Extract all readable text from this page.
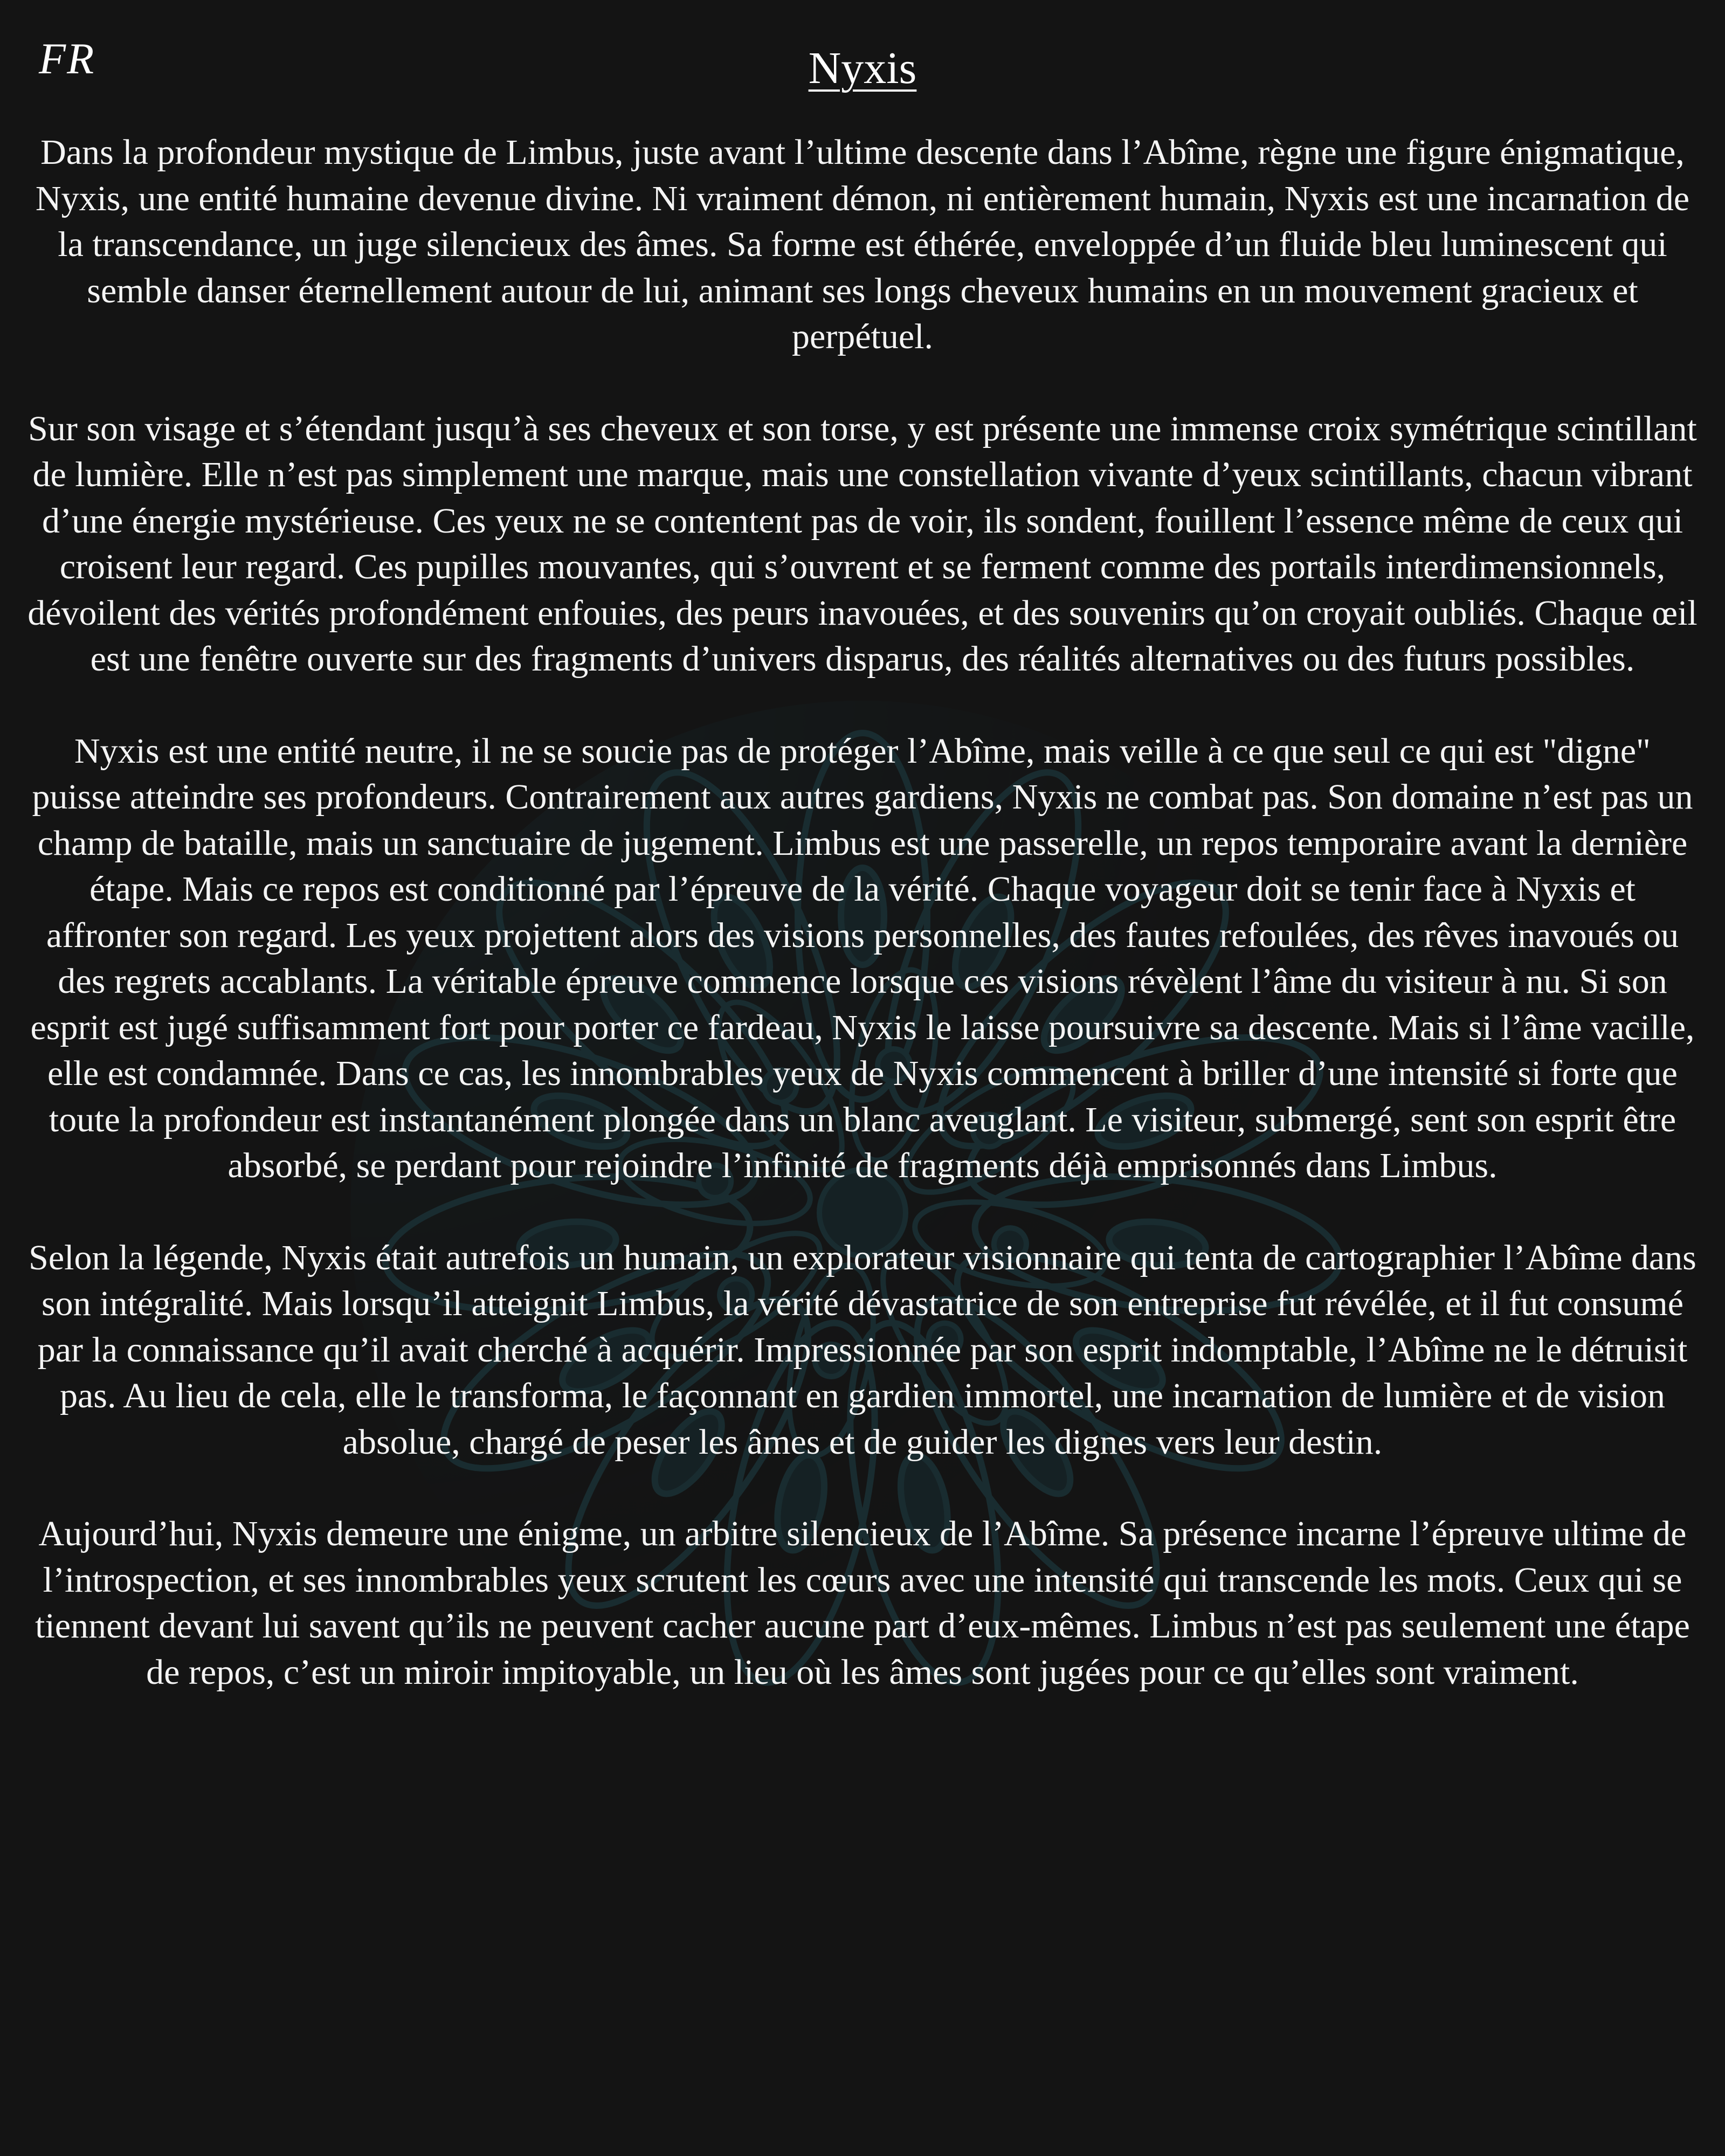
FR	Nyxis

Dans la profondeur mystique de Limbus, juste avant l’ultime descente dans l’Abîme, règne une figure énigmatique, Nyxis, une entité humaine devenue divine. Ni vraiment démon, ni entièrement humain, Nyxis est une incarnation de la transcendance, un juge silencieux des âmes. Sa forme est éthérée, enveloppée d’un fluide bleu luminescent qui semble danser éternellement autour de lui, animant ses longs cheveux humains en un mouvement gracieux et perpétuel.

Sur son visage et s’étendant jusqu’à ses cheveux et son torse, y est présente une immense croix symétrique scintillant de lumière. Elle n’est pas simplement une marque, mais une constellation vivante d’yeux scintillants, chacun vibrant d’une énergie mystérieuse. Ces yeux ne se contentent pas de voir, ils sondent, fouillent l’essence même de ceux qui croisent leur regard. Ces pupilles mouvantes, qui s’ouvrent et se ferment comme des portails interdimensionnels, dévoilent des vérités profondément enfouies, des peurs inavouées, et des souvenirs qu’on croyait oubliés. Chaque œil est une fenêtre ouverte sur des fragments d’univers disparus, des réalités alternatives ou des futurs possibles.

Nyxis est une entité neutre, il ne se soucie pas de protéger l’Abîme, mais veille à ce que seul ce qui est "digne" puisse atteindre ses profondeurs. Contrairement aux autres gardiens, Nyxis ne combat pas. Son domaine n’est pas un champ de bataille, mais un sanctuaire de jugement. Limbus est une passerelle, un repos temporaire avant la dernière étape. Mais ce repos est conditionné par l’épreuve de la vérité. Chaque voyageur doit se tenir face à Nyxis et affronter son regard. Les yeux projettent alors des visions personnelles, des fautes refoulées, des rêves inavoués ou des regrets accablants. La véritable épreuve commence lorsque ces visions révèlent l’âme du visiteur à nu. Si son esprit est jugé suffisamment fort pour porter ce fardeau, Nyxis le laisse poursuivre sa descente. Mais si l’âme vacille, elle est condamnée. Dans ce cas, les innombrables yeux de Nyxis commencent à briller d’une intensité si forte que toute la profondeur est instantanément plongée dans un blanc aveuglant. Le visiteur, submergé, sent son esprit être absorbé, se perdant pour rejoindre l’infinité de fragments déjà emprisonnés dans Limbus.

Selon la légende, Nyxis était autrefois un humain, un explorateur visionnaire qui tenta de cartographier l’Abîme dans son intégralité. Mais lorsqu’il atteignit Limbus, la vérité dévastatrice de son entreprise fut révélée, et il fut consumé par la connaissance qu’il avait cherché à acquérir. Impressionnée par son esprit indomptable, l’Abîme ne le détruisit pas. Au lieu de cela, elle le transforma, le façonnant en gardien immortel, une incarnation de lumière et de vision absolue, chargé de peser les âmes et de guider les dignes vers leur destin.

Aujourd’hui, Nyxis demeure une énigme, un arbitre silencieux de l’Abîme. Sa présence incarne l’épreuve ultime de l’introspection, et ses innombrables yeux scrutent les cœurs avec une intensité qui transcende les mots. Ceux qui se tiennent devant lui savent qu’ils ne peuvent cacher aucune part d’eux-mêmes. Limbus n’est pas seulement une étape de repos, c’est un miroir impitoyable, un lieu où les âmes sont jugées pour ce qu’elles sont vraiment.
